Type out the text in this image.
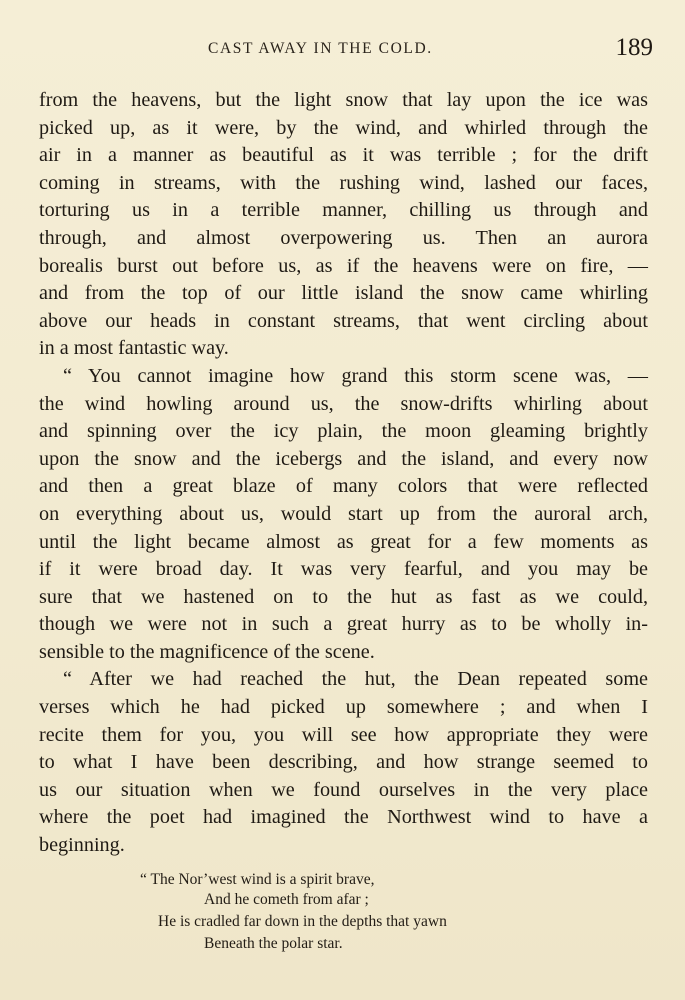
CAST AWAY IN THE COLD.	189
from the heavens, but the light snow that lay upon the ice was
picked up, as it were, by the wind, and whirled through the
air in a manner as beautiful as it was terrible ; for the drift
coming in streams, with the rushing wind, lashed our faces,
torturing us in a terrible manner, chilling us through and
through, and almost overpowering us. Then an aurora
borealis burst out before us, as if the heavens were on fire, —
and from the top of our little island the snow came whirling
above our heads in constant streams, that went circling about
in a most fantastic way.
“ You cannot imagine how grand this storm scene was, —
the wind howling around us, the snow-drifts whirling about
and spinning over the icy plain, the moon gleaming brightly
upon the snow and the icebergs and the island, and every now
and then a great blaze of many colors that were reflected
on everything about us, would start up from the auroral arch,
until the light became almost as great for a few moments as
if it were broad day. It was very fearful, and you may be
sure that we hastened on to the hut as fast as we could,
though we were not in such a great hurry as to be wholly in-
sensible to the magnificence of the scene.
“ After we had reached the hut, the Dean repeated some
verses which he had picked up somewhere ; and when I
recite them for you, you will see how appropriate they were
to what I have been describing, and how strange seemed to
us our situation when we found ourselves in the very place
where the poet had imagined the Northwest wind to have a
beginning.
“ The Nor’west wind is a spirit brave,
And he cometh from afar ;
He is cradled far down in the depths that yawn
Beneath the polar star.
